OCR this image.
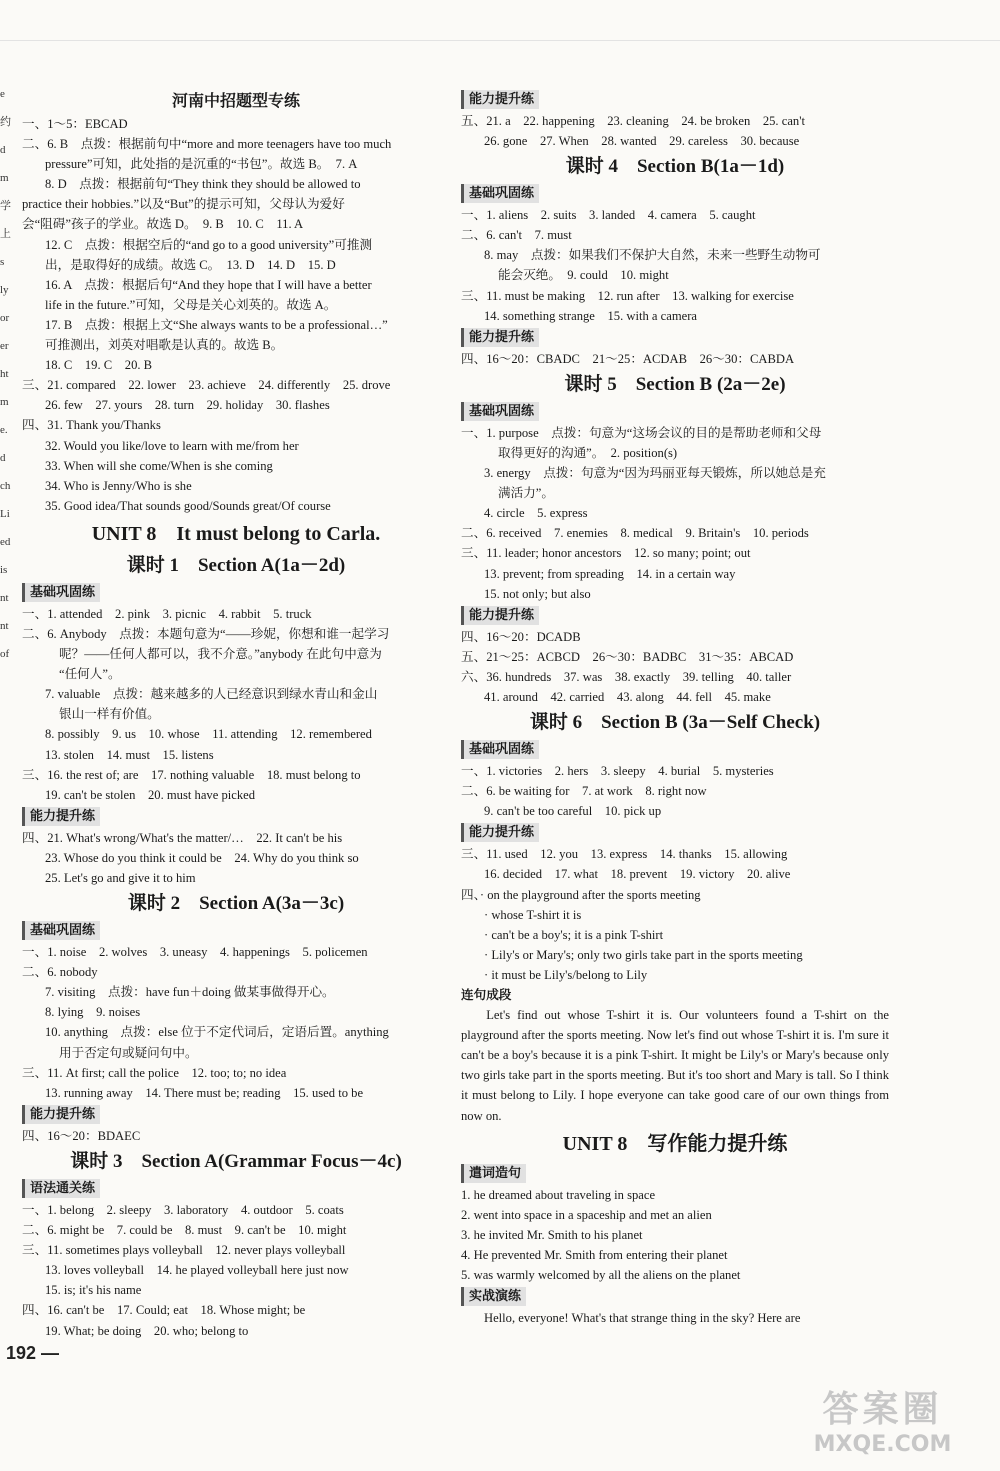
e
约
d
m
学
上
s
ly
or
er
ht
m
e.
d
ch
Li
ed
is
nt
nt
of
河南中招题型专练
一、1～5：EBCAD
二、6. B　点拨：根据前句中“more and more teenagers have too much
pressure”可知，此处指的是沉重的“书包”。故选 B。　7. A
8. D　点拨：根据前句“They think they should be allowed to
practice their hobbies.”以及“But”的提示可知，父母认为爱好
会“阻碍”孩子的学业。故选 D。　9. B　10. C　11. A
12. C　点拨：根据空后的“and go to a good university”可推测
出，是取得好的成绩。故选 C。　13. D　14. D　15. D
16. A　点拨：根据后句“And they hope that I will have a better
life in the future.”可知，父母是关心刘英的。故选 A。
17. B　点拨：根据上文“She always wants to be a professional…”
可推测出，刘英对唱歌是认真的。故选 B。
18. C　19. C　20. B
三、21. compared　22. lower　23. achieve　24. differently　25. drove
26. few　27. yours　28. turn　29. holiday　30. flashes
四、31. Thank you/Thanks
32. Would you like/love to learn with me/from her
33. When will she come/When is she coming
34. Who is Jenny/Who is she
35. Good idea/That sounds good/Sounds great/Of course
UNIT 8　It must belong to Carla.
课时 1　Section A(1a－2d)
基础巩固练
一、1. attended　2. pink　3. picnic　4. rabbit　5. truck
二、6. Anybody　点拨：本题句意为“——珍妮，你想和谁一起学习
呢？——任何人都可以，我不介意。”anybody 在此句中意为
“任何人”。
7. valuable　点拨：越来越多的人已经意识到绿水青山和金山
银山一样有价值。
8. possibly　9. us　10. whose　11. attending　12. remembered
13. stolen　14. must　15. listens
三、16. the rest of; are　17. nothing valuable　18. must belong to
19. can't be stolen　20. must have picked
能力提升练
四、21. What's wrong/What's the matter/…　22. It can't be his
23. Whose do you think it could be　24. Why do you think so
25. Let's go and give it to him
课时 2　Section A(3a－3c)
基础巩固练
一、1. noise　2. wolves　3. uneasy　4. happenings　5. policemen
二、6. nobody
7. visiting　点拨：have fun＋doing 做某事做得开心。
8. lying　9. noises
10. anything　点拨：else 位于不定代词后，定语后置。anything
用于否定句或疑问句中。
三、11. At first; call the police　12. too; to; no idea
13. running away　14. There must be; reading　15. used to be
能力提升练
四、16～20：BDAEC
课时 3　Section A(Grammar Focus－4c)
语法通关练
一、1. belong　2. sleepy　3. laboratory　4. outdoor　5. coats
二、6. might be　7. could be　8. must　9. can't be　10. might
三、11. sometimes plays volleyball　12. never plays volleyball
13. loves volleyball　14. he played volleyball here just now
15. is; it's his name
四、16. can't be　17. Could; eat　18. Whose might; be
19. What; be doing　20. who; belong to
能力提升练
五、21. a　22. happening　23. cleaning　24. be broken　25. can't
26. gone　27. When　28. wanted　29. careless　30. because
课时 4　Section B(1a－1d)
基础巩固练
一、1. aliens　2. suits　3. landed　4. camera　5. caught
二、6. can't　7. must
8. may　点拨：如果我们不保护大自然，未来一些野生动物可
能会灭绝。　9. could　10. might
三、11. must be making　12. run after　13. walking for exercise
14. something strange　15. with a camera
能力提升练
四、16～20：CBADC　21～25：ACDAB　26～30：CABDA
课时 5　Section B (2a－2e)
基础巩固练
一、1. purpose　点拨：句意为“这场会议的目的是帮助老师和父母
取得更好的沟通”。　2. position(s)
3. energy　点拨：句意为“因为玛丽亚每天锻炼，所以她总是充
满活力”。
4. circle　5. express
二、6. received　7. enemies　8. medical　9. Britain's　10. periods
三、11. leader; honor ancestors　12. so many; point; out
13. prevent; from spreading　14. in a certain way
15. not only; but also
能力提升练
四、16～20：DCADB
五、21～25：ACBCD　26～30：BADBC　31～35：ABCAD
六、36. hundreds　37. was　38. exactly　39. telling　40. taller
41. around　42. carried　43. along　44. fell　45. make
课时 6　Section B (3a－Self Check)
基础巩固练
一、1. victories　2. hers　3. sleepy　4. burial　5. mysteries
二、6. be waiting for　7. at work　8. right now
9. can't be too careful　10. pick up
能力提升练
三、11. used　12. you　13. express　14. thanks　15. allowing
16. decided　17. what　18. prevent　19. victory　20. alive
四、· on the playground after the sports meeting
· whose T-shirt it is
· can't be a boy's; it is a pink T-shirt
· Lily's or Mary's; only two girls take part in the sports meeting
· it must be Lily's/belong to Lily
连句成段
Let's find out whose T-shirt it is. Our volunteers found a T-shirt on the playground after the sports meeting. Now let's find out whose T-shirt it is. I'm sure it can't be a boy's because it is a pink T-shirt. It might be Lily's or Mary's because only two girls take part in the sports meeting. But it's too short and Mary is tall. So I think it must belong to Lily. I hope everyone can take good care of our own things from now on.
UNIT 8　写作能力提升练
遣词造句
1. he dreamed about traveling in space
2. went into space in a spaceship and met an alien
3. he invited Mr. Smith to his planet
4. He prevented Mr. Smith from entering their planet
5. was warmly welcomed by all the aliens on the planet
实战演练
Hello, everyone! What's that strange thing in the sky? Here are
192 —
答案圈
MXQE.COM
